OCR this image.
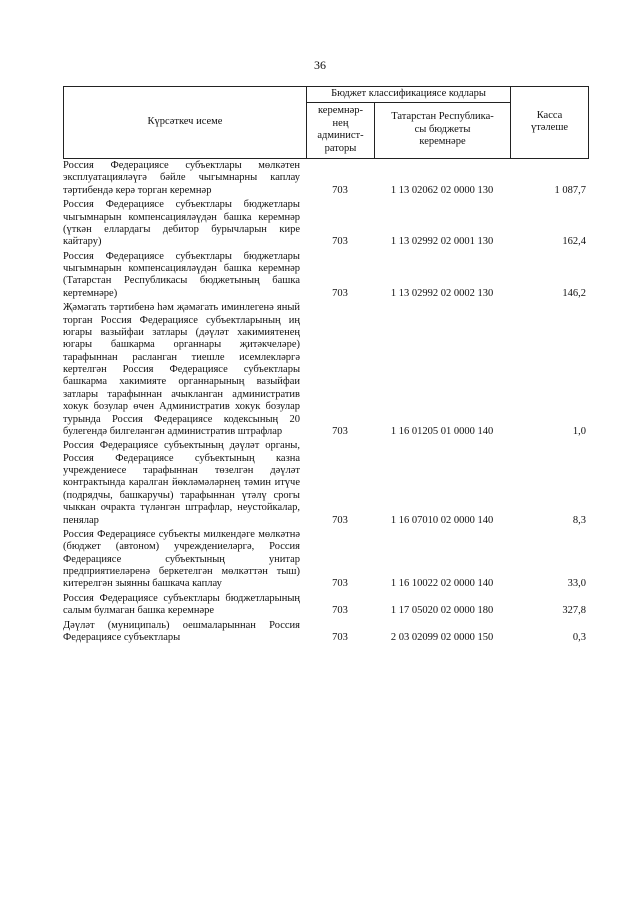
36
Күрсәткеч исеме	Бюджет классификациясе кодлары		Касса
үтәлеше
	керемнәр-
нең
админист-
раторы	Татарстан Республика-
сы бюджеты
керемнәре	
Россия Федерациясе субъектлары мөлкәтен эксплуатацияләүгә бәйле чыгымнарны каплау тәртибендә керә торган керемнәр	703	1 13 02062 02 0000 130	1 087,7
Россия Федерациясе субъектлары бюджетлары чыгымнарын компенсацияләүдән башка керемнәр (үткән еллардагы дебитор бурычларын кире кайтару)	703	1 13 02992 02 0001 130	162,4
Россия Федерациясе субъектлары бюджетлары чыгымнарын компенсацияләүдән башка керемнәр (Татарстан Республикасы бюджетының башка кертемнәре)	703	1 13 02992 02 0002 130	146,2
Җәмәгать тәртибенә һәм җәмәгать иминлегенә яный торган Россия Федерациясе субъектларының иң югары вазыйфаи затлары (дәүләт хакимиятенең югары башкарма органнары җитәкчеләре) тарафыннан расланган тиешле исемлекләргә кертелгән Россия Федерациясе субъектлары башкарма хакимияте органнарының вазыйфаи затлары тарафыннан ачыкланган административ хокук бозулар өчен Административ хокук бозулар турында Россия Федерациясе кодексының 20 булегендә билгеләнгән административ штрафлар	703	1 16 01205 01 0000 140	1,0
Россия Федерациясе субъектының дәүләт органы, Россия Федерациясе субъектының казна учреждениесе тарафыннан төзелгән дәүләт контрактында каралган йөкләмәләрнең тәмин итүче (подрядчы, башкаручы) тарафыннан үтәлү срогы чыккан очракта түләнгән штрафлар, неустойкалар, пенялар	703	1 16 07010 02 0000 140	8,3
Россия Федерациясе субъекты милкендәге мөлкәтнә (бюджет (автоном) учреждениеләргә, Россия Федерациясе субъектының унитар предприятиеләренә беркетелгән мөлкәттән тыш) китерелгән зыянны башкача каплау	703	1 16 10022 02 0000 140	33,0
Россия Федерациясе субъектлары бюджетларының салым булмаган башка керемнәре	703	1 17 05020 02 0000 180	327,8
Дәүләт (муниципаль) оешмаларыннан Россия Федерациясе субъектлары	703	2 03 02099 02 0000 150	0,3
